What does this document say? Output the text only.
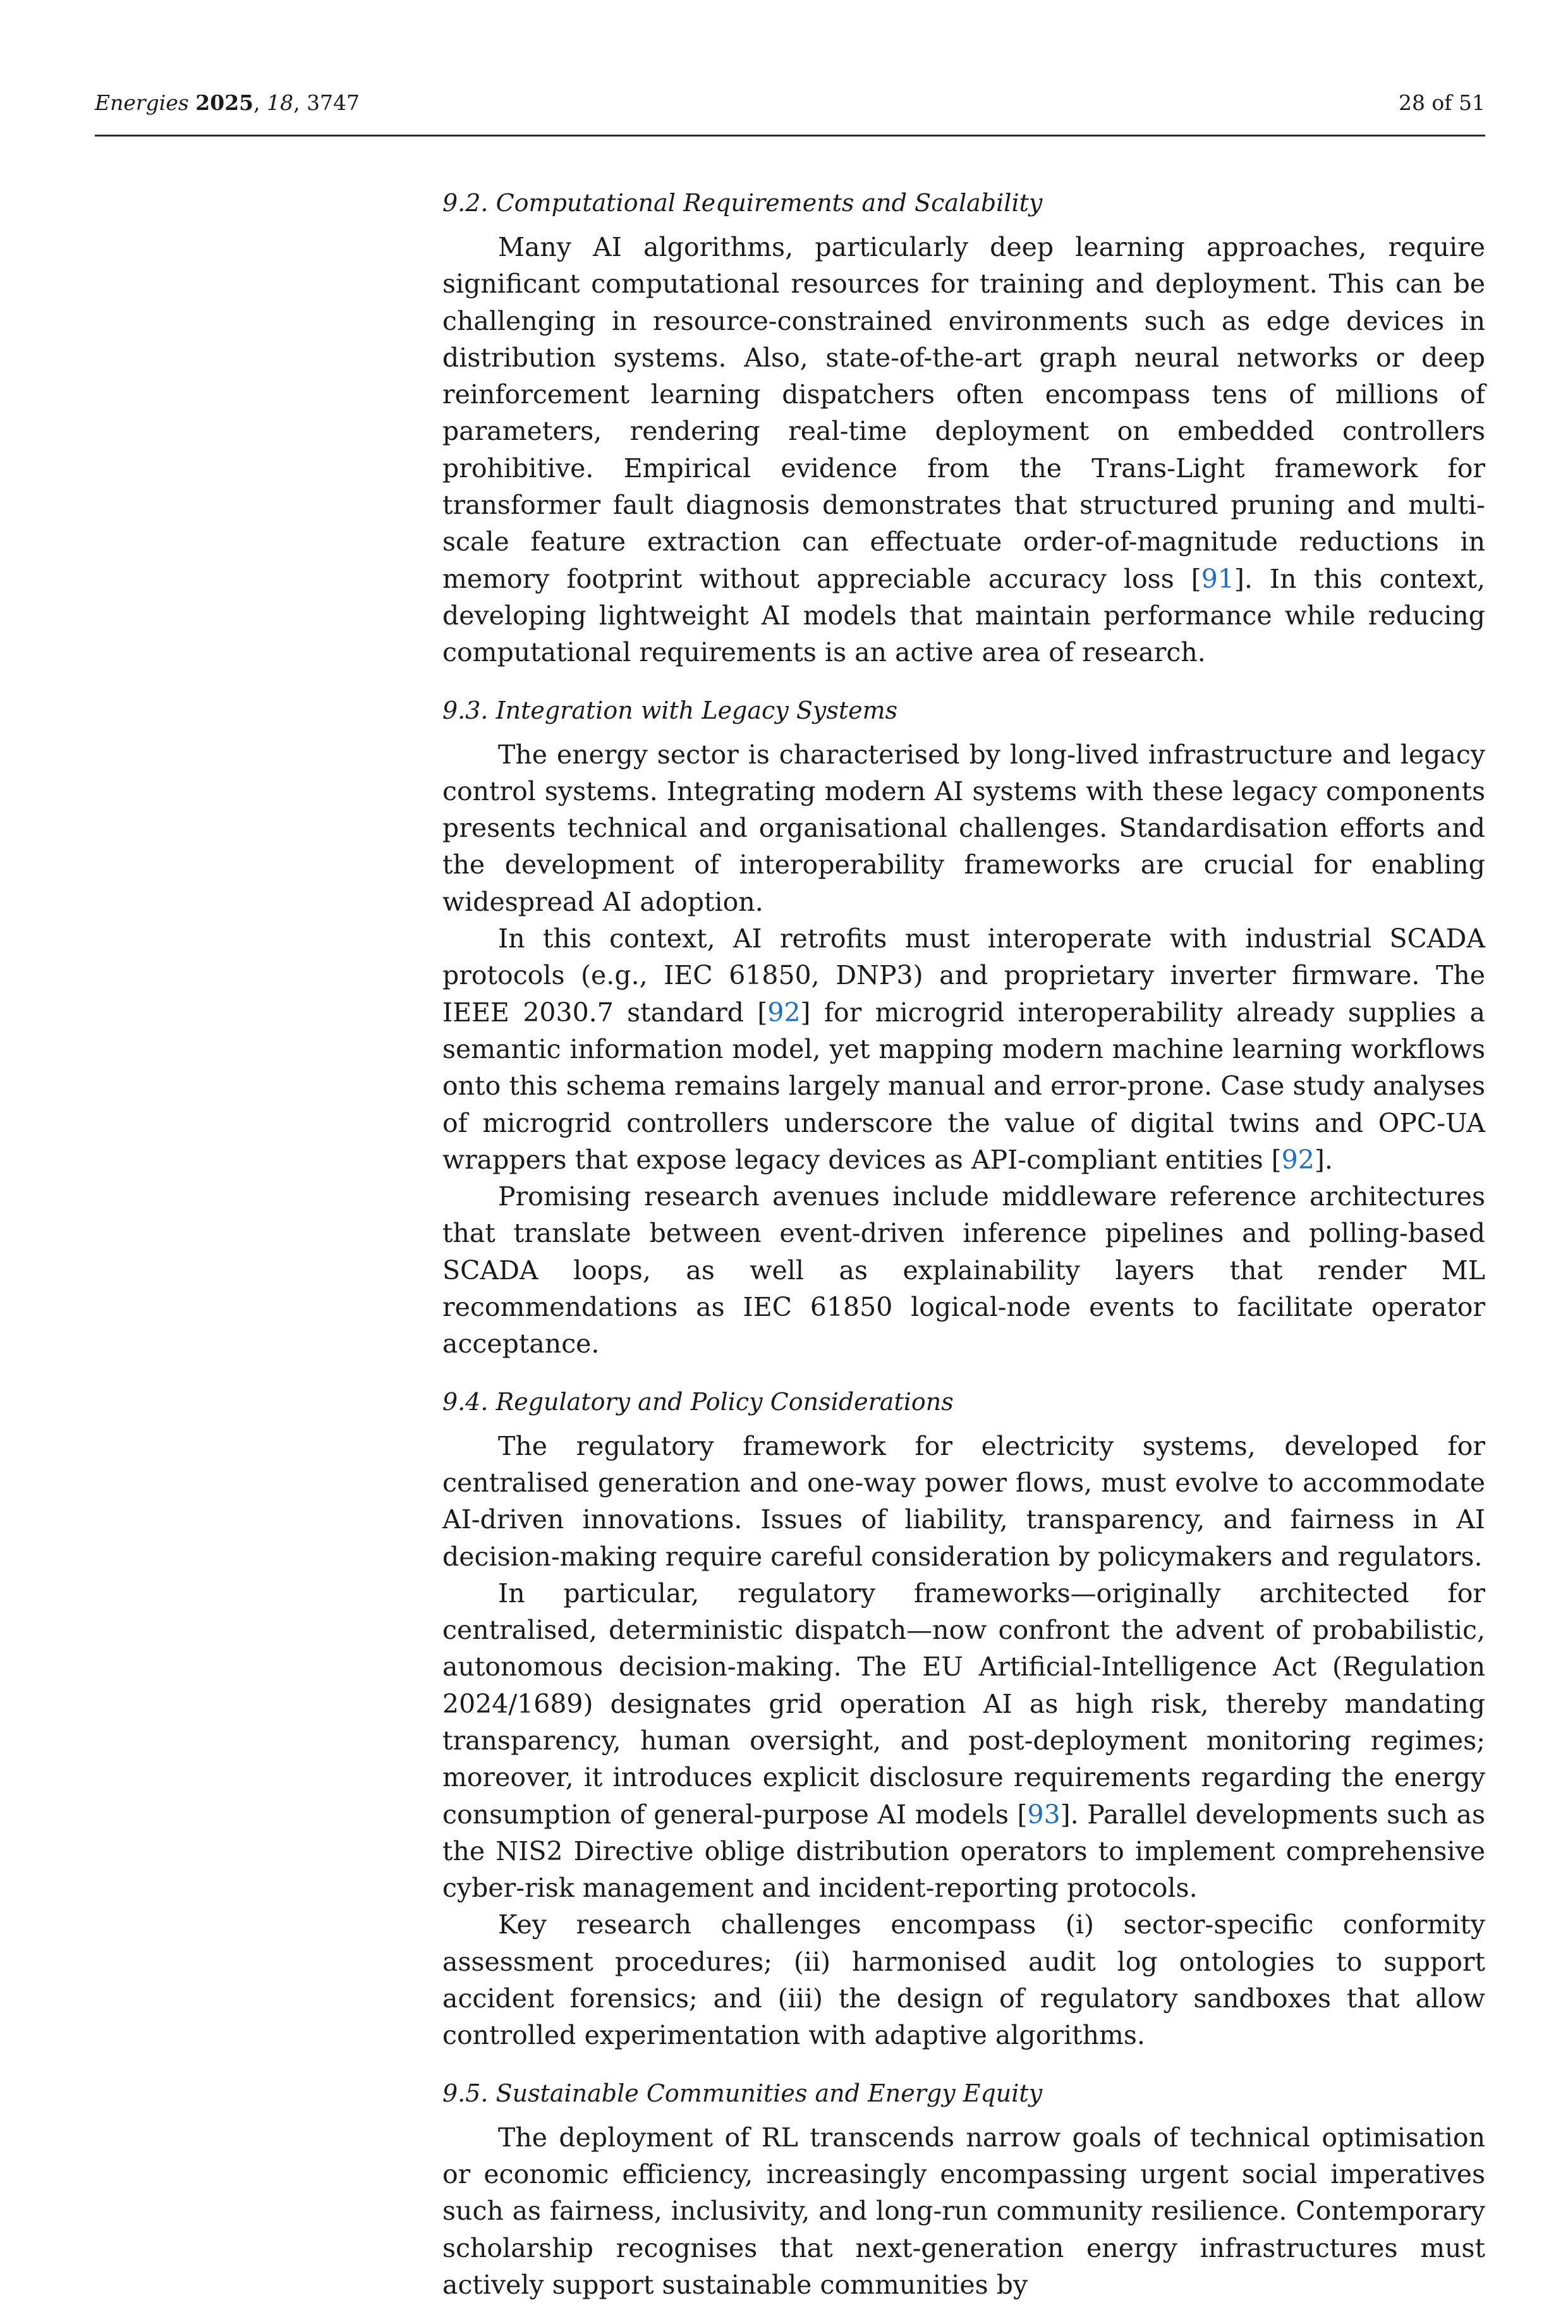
Energies 2025, 18, 3747	28 of 51
9.2. Computational Requirements and Scalability

Many AI algorithms, particularly deep learning approaches, require significant computational resources for training and deployment. This can be challenging in resource-constrained environments such as edge devices in distribution systems. Also, state-of-the-art graph neural networks or deep reinforcement learning dispatchers often encompass tens of millions of parameters, rendering real-time deployment on embedded controllers prohibitive. Empirical evidence from the Trans-Light framework for transformer fault diagnosis demonstrates that structured pruning and multi-scale feature extraction can effectuate order-of-magnitude reductions in memory footprint without appreciable accuracy loss [91]. In this context, developing lightweight AI models that maintain performance while reducing computational requirements is an active area of research.

9.3. Integration with Legacy Systems

The energy sector is characterised by long-lived infrastructure and legacy control systems. Integrating modern AI systems with these legacy components presents technical and organisational challenges. Standardisation efforts and the development of interoperability frameworks are crucial for enabling widespread AI adoption.

In this context, AI retrofits must interoperate with industrial SCADA protocols (e.g., IEC 61850, DNP3) and proprietary inverter firmware. The IEEE 2030.7 standard [92] for microgrid interoperability already supplies a semantic information model, yet mapping modern machine learning workflows onto this schema remains largely manual and error-prone. Case study analyses of microgrid controllers underscore the value of digital twins and OPC-UA wrappers that expose legacy devices as API-compliant entities [92].

Promising research avenues include middleware reference architectures that translate between event-driven inference pipelines and polling-based SCADA loops, as well as explainability layers that render ML recommendations as IEC 61850 logical-node events to facilitate operator acceptance.

9.4. Regulatory and Policy Considerations

The regulatory framework for electricity systems, developed for centralised generation and one-way power flows, must evolve to accommodate AI-driven innovations. Issues of liability, transparency, and fairness in AI decision-making require careful consideration by policymakers and regulators.

In particular, regulatory frameworks—originally architected for centralised, deterministic dispatch—now confront the advent of probabilistic, autonomous decision-making. The EU Artificial-Intelligence Act (Regulation 2024/1689) designates grid operation AI as high risk, thereby mandating transparency, human oversight, and post-deployment monitoring regimes; moreover, it introduces explicit disclosure requirements regarding the energy consumption of general-purpose AI models [93]. Parallel developments such as the NIS2 Directive oblige distribution operators to implement comprehensive cyber-risk management and incident-reporting protocols.

Key research challenges encompass (i) sector-specific conformity assessment procedures; (ii) harmonised audit log ontologies to support accident forensics; and (iii) the design of regulatory sandboxes that allow controlled experimentation with adaptive algorithms.

9.5. Sustainable Communities and Energy Equity

The deployment of RL transcends narrow goals of technical optimisation or economic efficiency, increasingly encompassing urgent social imperatives such as fairness, inclusivity, and long-run community resilience. Contemporary scholarship recognises that next-generation energy infrastructures must actively support sustainable communities by
